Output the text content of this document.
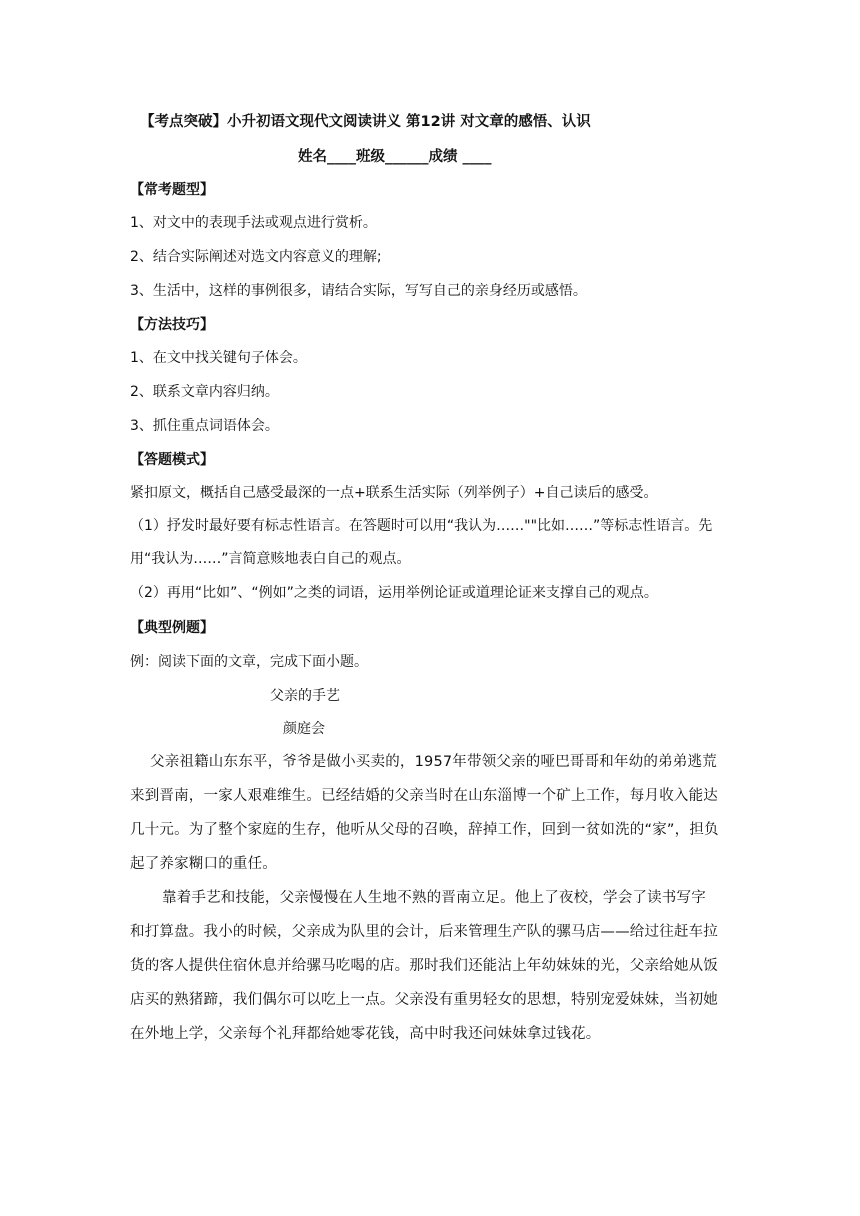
【考点突破】小升初语文现代文阅读讲义 第12讲 对文章的感悟、认识
姓名____班级______成绩 ____
【常考题型】
1、对文中的表现手法或观点进行赏析。
2、结合实际阐述对选文内容意义的理解;
3、生活中，这样的事例很多，请结合实际，写写自己的亲身经历或感悟。
【方法技巧】
1、在文中找关键句子体会。
2、联系文章内容归纳。
3、抓住重点词语体会。
【答题模式】
紧扣原文，概括自己感受最深的一点+联系生活实际（列举例子）+自己读后的感受。
（1）抒发时最好要有标志性语言。在答题时可以用“我认为……""比如……”等标志性语言。先
用“我认为……”言简意赅地表白自己的观点。
（2）再用“比如”、“例如”之类的词语，运用举例论证或道理论证来支撑自己的观点。
【典型例题】
例：阅读下面的文章，完成下面小题。
父亲的手艺
颜庭会
父亲祖籍山东东平，爷爷是做小买卖的，1957年带领父亲的哑巴哥哥和年幼的弟弟逃荒
来到晋南，一家人艰难维生。已经结婚的父亲当时在山东淄博一个矿上工作，每月收入能达
几十元。为了整个家庭的生存，他听从父母的召唤，辞掉工作，回到一贫如洗的“家”，担负
起了养家糊口的重任。
靠着手艺和技能，父亲慢慢在人生地不熟的晋南立足。他上了夜校，学会了读书写字
和打算盘。我小的时候，父亲成为队里的会计，后来管理生产队的骡马店——给过往赶车拉
货的客人提供住宿休息并给骡马吃喝的店。那时我们还能沾上年幼妹妹的光，父亲给她从饭
店买的熟猪蹄，我们偶尔可以吃上一点。父亲没有重男轻女的思想，特别宠爱妹妹，当初她
在外地上学，父亲每个礼拜都给她零花钱，高中时我还问妹妹拿过钱花。
